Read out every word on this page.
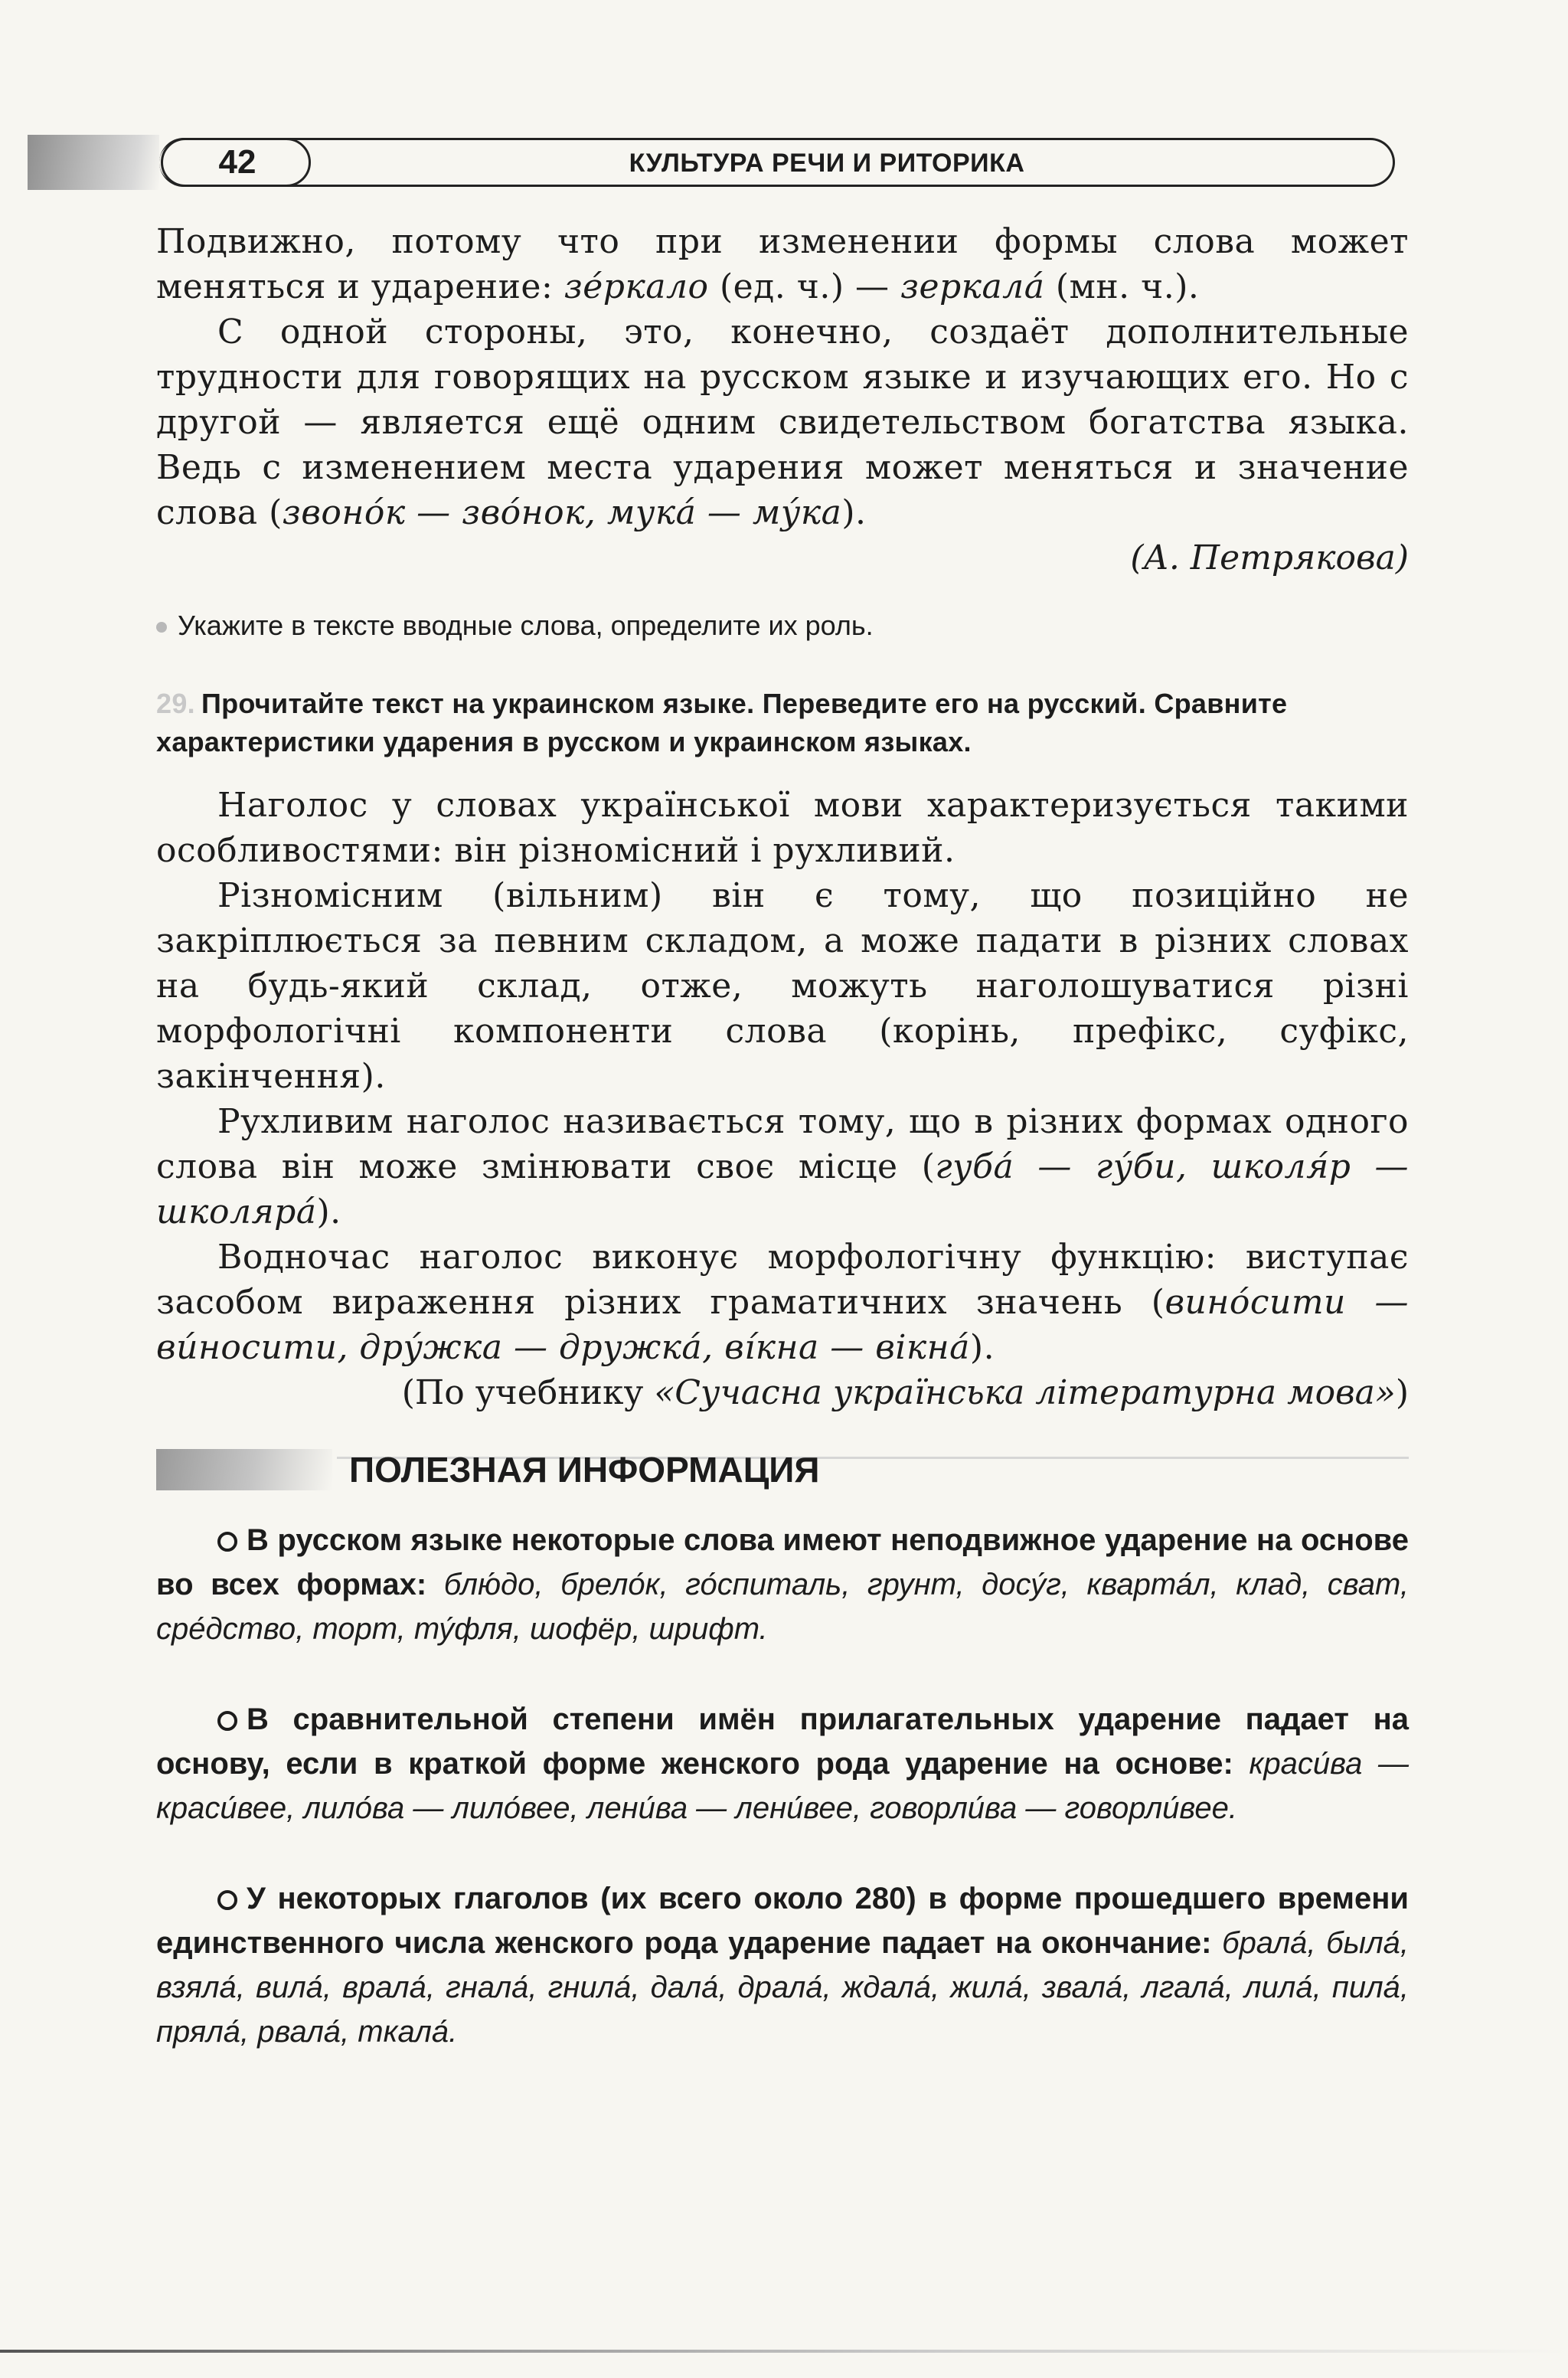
42	КУЛЬТУРА РЕЧИ И РИТОРИКА

Подвижно, потому что при изменении формы слова может меняться и ударение: зе́ркало (ед. ч.) — зеркала́ (мн. ч.).

С одной стороны, это, конечно, создаёт дополнительные трудности для говорящих на русском языке и изучающих его. Но с другой — является ещё одним свидетельством богатства языка. Ведь с изменением места ударения может меняться и значение слова (звоно́к — зво́нок, мука́ — му́ка).

(А. Петрякова)

Укажите в тексте вводные слова, определите их роль.

29. Прочитайте текст на украинском языке. Переведите его на русский. Сравните характеристики ударения в русском и украинском языках.

Наголос у словах української мови характеризується такими особливостями: він різномісний і рухливий.

Різномісним (вільним) він є тому, що позиційно не закріплюється за певним складом, а може падати в різних словах на будь-який склад, отже, можуть наголошуватися різні морфологічні компоненти слова (корінь, префікс, суфікс, закінчення).

Рухливим наголос називається тому, що в різних формах одного слова він може змінювати своє місце (губа́ — гу́би, школя́р — школяра́).

Водночас наголос виконує морфологічну функцію: виступає засобом вираження різних граматичних значень (вино́сити — ви́носити, дру́жка — дружка́, ві́кна — вікна́).

(По учебнику «Сучасна українська літературна мова»)

ПОЛЕЗНАЯ ИНФОРМАЦИЯ

В русском языке некоторые слова имеют неподвижное ударение на основе во всех формах: блю́до, брело́к, го́спиталь, грунт, досу́г, кварта́л, клад, сват, сре́дство, торт, ту́фля, шофёр, шрифт.

В сравнительной степени имён прилагательных ударение падает на основу, если в краткой форме женского рода ударение на основе: краси́ва — краси́вее, лило́ва — лило́вее, лени́ва — лени́вее, говорли́ва — говорли́вее.

У некоторых глаголов (их всего около 280) в форме прошедшего времени единственного числа женского рода ударение падает на окончание: брала́, была́, взяла́, вила́, врала́, гнала́, гнила́, дала́, драла́, ждала́, жила́, звала́, лгала́, лила́, пила́, пряла́, рвала́, ткала́.
